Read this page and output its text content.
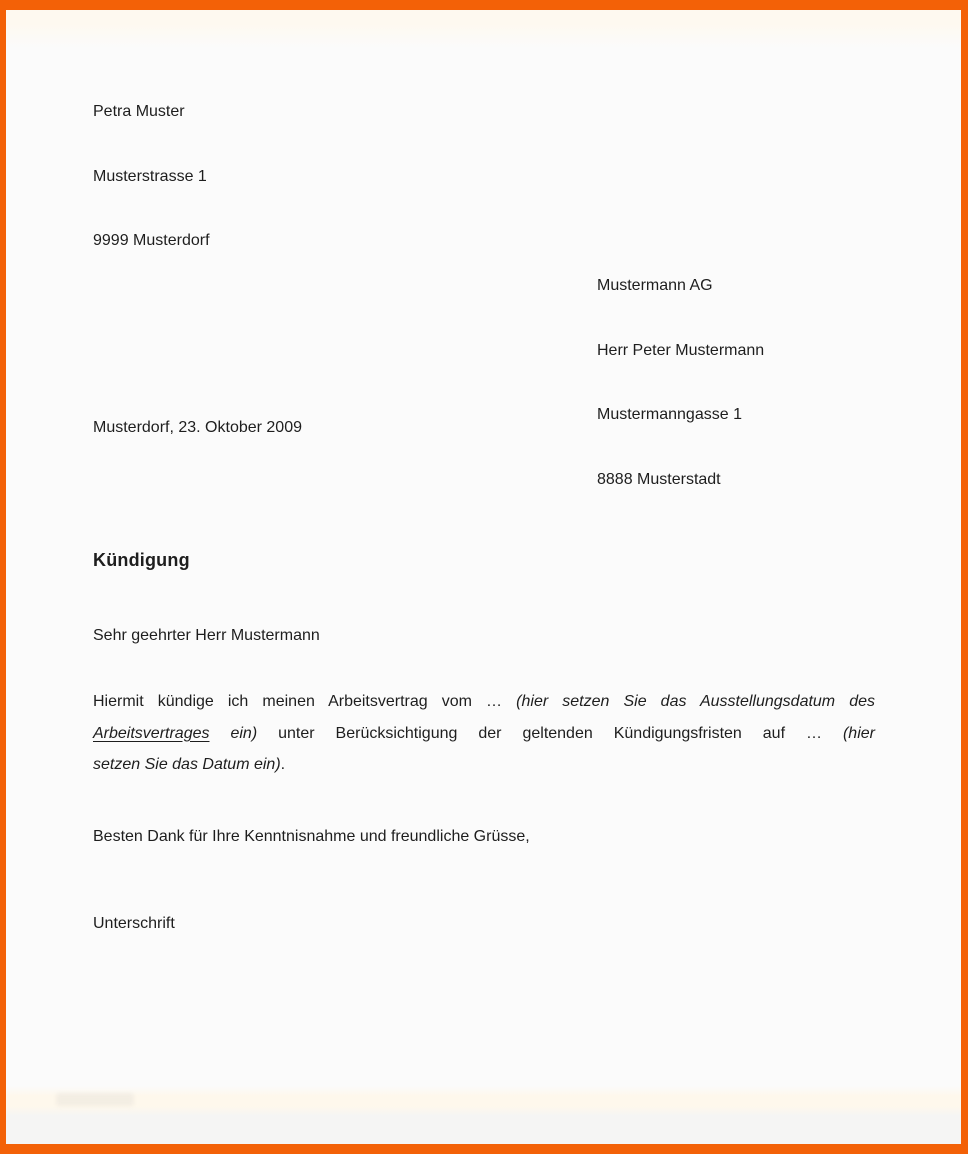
Petra Muster

Musterstrasse 1

9999 Musterdorf

Mustermann AG

Herr Peter Mustermann

Mustermanngasse 1

8888 Musterstadt

Musterdorf, 23. Oktober 2009
Kündigung
Sehr geehrter Herr Mustermann
Hiermit kündige ich meinen Arbeitsvertrag vom … (hier setzen Sie das Ausstellungsdatum des
Arbeitsvertrages ein) unter Berücksichtigung der geltenden Kündigungsfristen auf … (hier
setzen Sie das Datum ein).
Besten Dank für Ihre Kenntnisnahme und freundliche Grüsse,
Unterschrift
